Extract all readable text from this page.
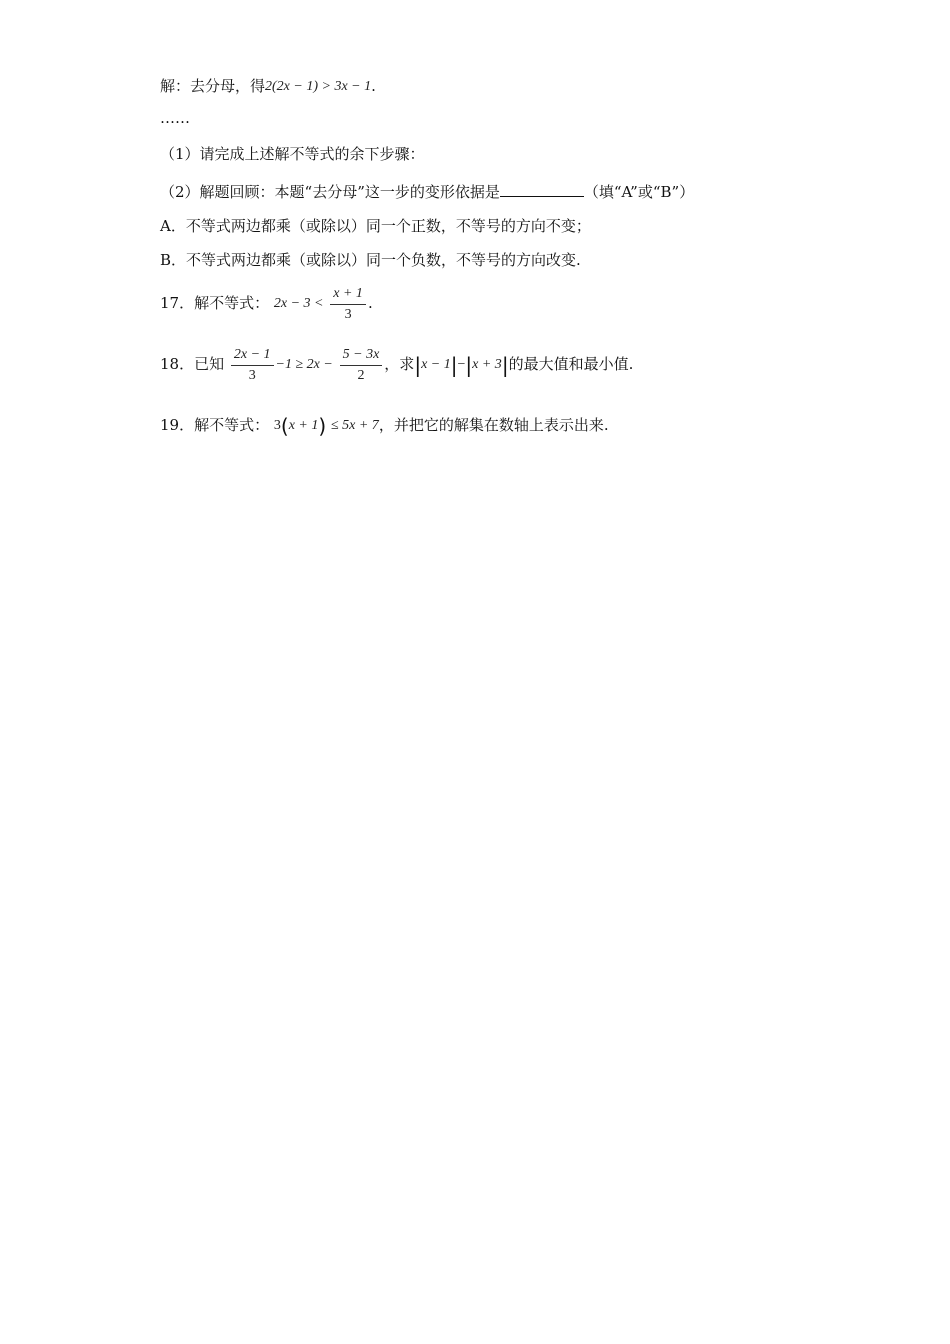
解：去分母，得2(2x − 1) > 3x − 1.
……
（1）请完成上述解不等式的余下步骤：
（2）解题回顾：本题“去分母”这一步的变形依据是	（填“A”或“B”）
A．不等式两边都乘（或除以）同一个正数，不等号的方向不变；
B．不等式两边都乘（或除以）同一个负数，不等号的方向改变.
17．解不等式： $2x - 3 < \frac{x + 1}{3}$ .
18．已知 $\frac{2x - 1}{3} -1 \ge 2x - \frac{5 - 3x}{2}$ ，求|x − 1|−|x + 3|的最大值和最小值.
19．解不等式： 3(x + 1) ≤ 5x + 7，并把它的解集在数轴上表示出来.
